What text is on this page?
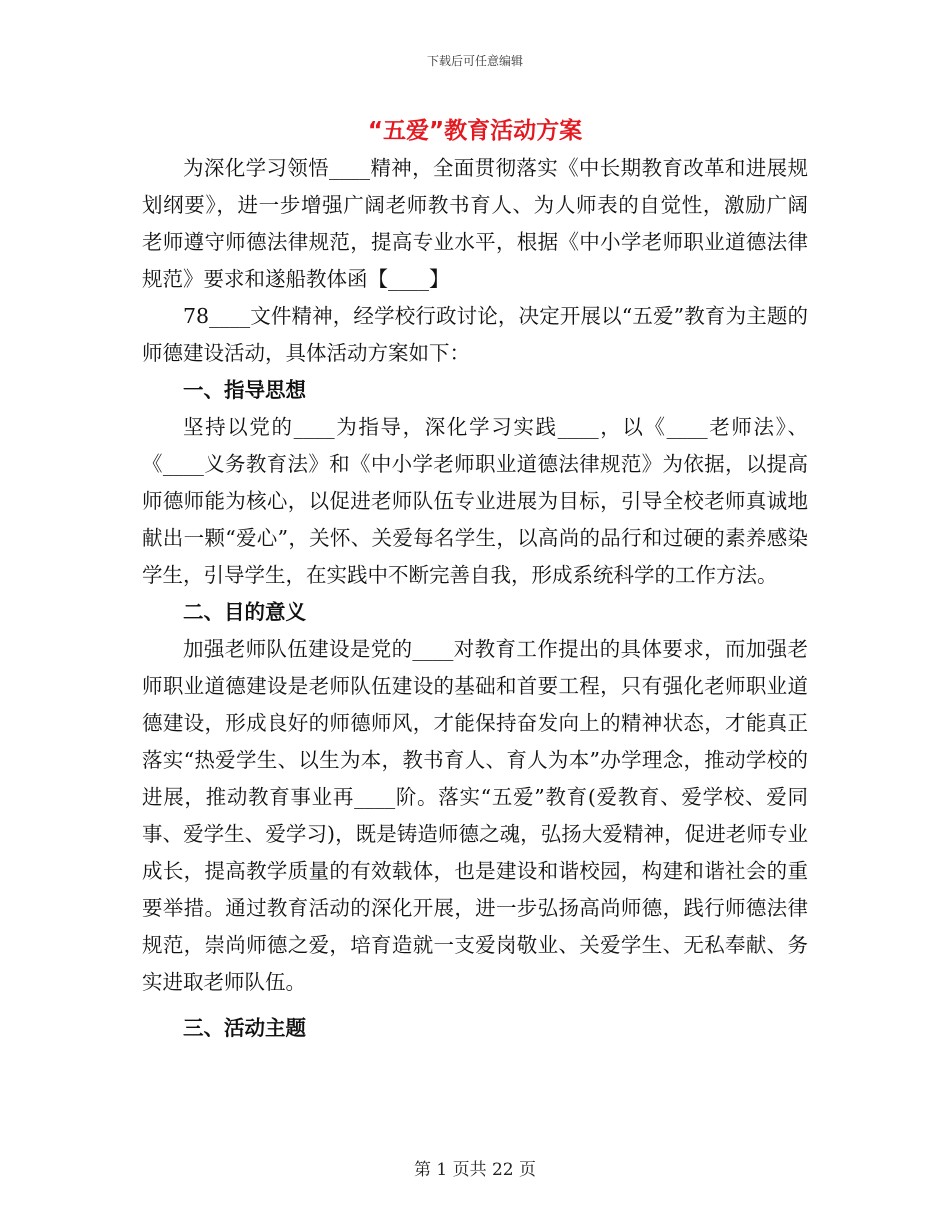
下载后可任意编辑
“五爱”教育活动方案

为深化学习领悟____精神，全面贯彻落实《中长期教育改革和进展规划纲要》，进一步增强广阔老师教书育人、为人师表的自觉性，激励广阔老师遵守师德法律规范，提高专业水平，根据《中小学老师职业道德法律规范》要求和遂船教体函【____】

78____文件精神，经学校行政讨论，决定开展以“五爱”教育为主题的师德建设活动，具体活动方案如下：

一、指导思想

坚持以党的____为指导，深化学习实践____，以《____老师法》、《____义务教育法》和《中小学老师职业道德法律规范》为依据，以提高师德师能为核心，以促进老师队伍专业进展为目标，引导全校老师真诚地献出一颗“爱心”，关怀、关爱每名学生，以高尚的品行和过硬的素养感染学生，引导学生，在实践中不断完善自我，形成系统科学的工作方法。

二、目的意义

加强老师队伍建设是党的____对教育工作提出的具体要求，而加强老师职业道德建设是老师队伍建设的基础和首要工程，只有强化老师职业道德建设，形成良好的师德师风，才能保持奋发向上的精神状态，才能真正落实“热爱学生、以生为本，教书育人、育人为本”办学理念，推动学校的进展，推动教育事业再____阶。落实“五爱”教育(爱教育、爱学校、爱同事、爱学生、爱学习)，既是铸造师德之魂，弘扬大爱精神，促进老师专业成长，提高教学质量的有效载体，也是建设和谐校园，构建和谐社会的重要举措。通过教育活动的深化开展，进一步弘扬高尚师德，践行师德法律规范，崇尚师德之爱，培育造就一支爱岗敬业、关爱学生、无私奉献、务实进取老师队伍。

三、活动主题

第 1 页共 22 页
